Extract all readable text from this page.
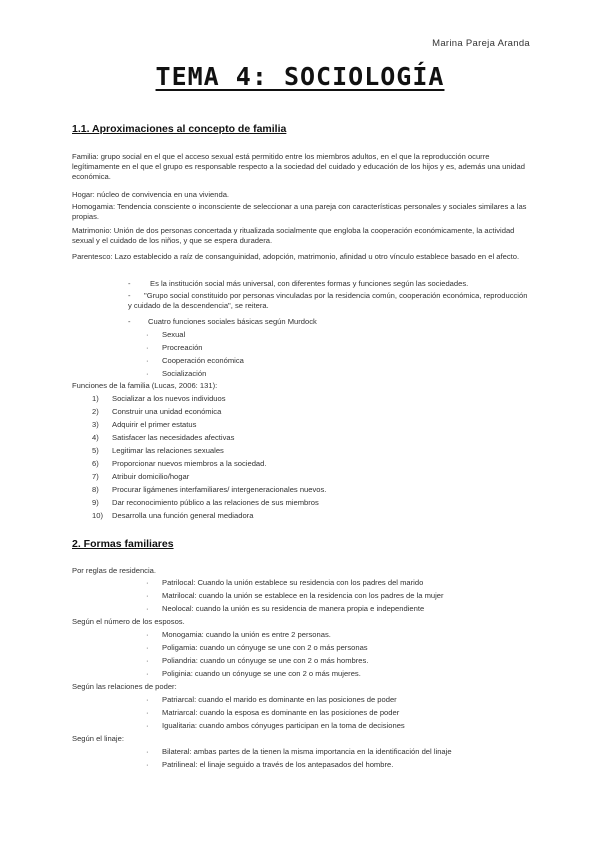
Marina Pareja Aranda
TEMA 4: SOCIOLOGÍA
1.1. Aproximaciones al concepto de familia
Familia: grupo social en el que el acceso sexual está permitido entre los miembros adultos, en el que la reproducción ocurre legítimamente en el que el grupo es responsable respecto a la sociedad del cuidado y educación de los hijos y es, además una unidad económica.
Hogar: núcleo de convivencia en una vivienda.
Homogamia: Tendencia consciente o inconsciente de seleccionar a una pareja con características personales y sociales similares a las propias.
Matrimonio: Unión de dos personas concertada y ritualizada socialmente que engloba la cooperación económicamente, la actividad sexual y el cuidado de los niños, y que se espera duradera.
Parentesco: Lazo establecido a raíz de consanguinidad, adopción, matrimonio, afinidad u otro vínculo establece basado en el afecto.
-	Es la institución social más universal, con diferentes formas y funciones según las sociedades.
- "Grupo social constituido por personas vinculadas por la residencia común, cooperación económica, reproducción y cuidado de la descendencia", se reitera.
- Cuatro funciones sociales básicas según Murdock
· Sexual
· Procreación
· Cooperación económica
· Socialización
Funciones de la familia (Lucas, 2006: 131):
1) Socializar a los nuevos individuos
2) Construir una unidad económica
3) Adquirir el primer estatus
4) Satisfacer las necesidades afectivas
5) Legitimar las relaciones sexuales
6) Proporcionar nuevos miembros a la sociedad.
7) Atribuir domicilio/hogar
8) Procurar ligámenes interfamiliares/ intergeneracionales nuevos.
9) Dar reconocimiento público a las relaciones de sus miembros
10) Desarrolla una función general mediadora
2. Formas familiares
Por reglas de residencia.
· Patrilocal: Cuando la unión establece su residencia con los padres del marido
· Matrilocal: cuando la unión se establece en la residencia con los padres de la mujer
· Neolocal: cuando la unión es su residencia de manera propia e independiente
Según el número de los esposos.
· Monogamia: cuando la unión es entre 2 personas.
· Poligamia: cuando un cónyuge se une con 2 o más personas
· Poliandria: cuando un cónyuge se une con 2 o más hombres.
· Poliginia: cuando un cónyuge se une con 2 o más mujeres.
Según las relaciones de poder:
· Patriarcal: cuando el marido es dominante en las posiciones de poder
· Matriarcal: cuando la esposa es dominante en las posiciones de poder
· Igualitaria: cuando ambos cónyuges participan en la toma de decisiones
Según el linaje:
· Bilateral: ambas partes de la tienen la misma importancia en la identificación del linaje
· Patrilineal: el linaje seguido a través de los antepasados del hombre.
